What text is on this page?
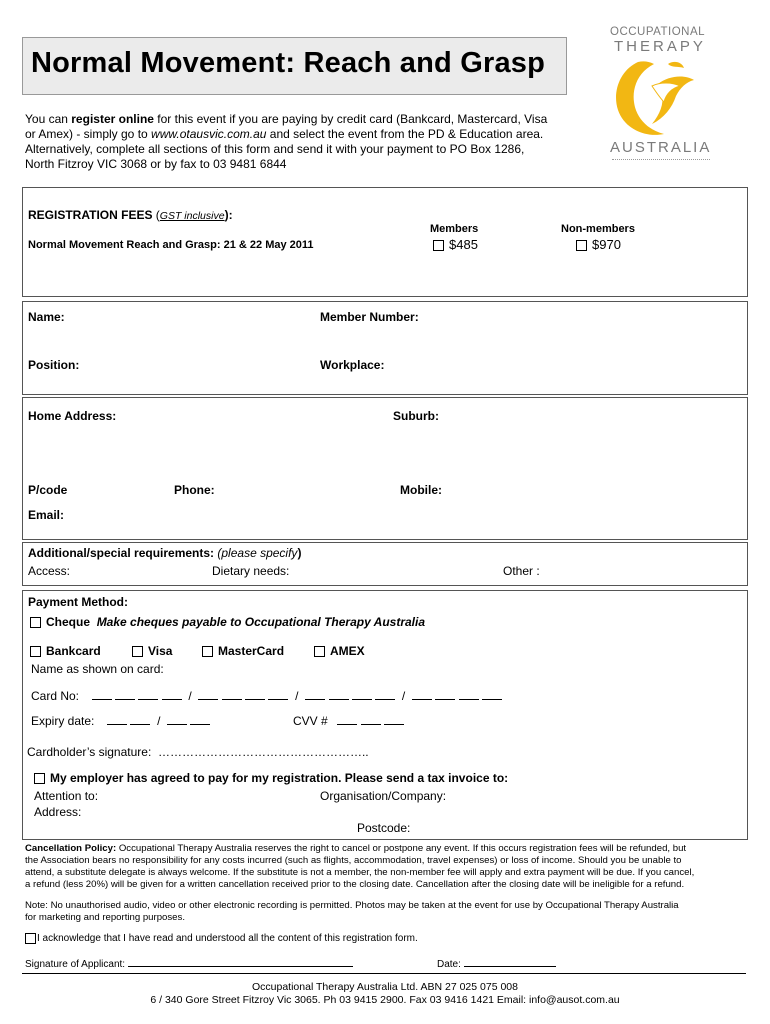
Normal Movement: Reach and Grasp
You can register online for this event if you are paying by credit card (Bankcard, Mastercard, Visa
or Amex) - simply go to www.otausvic.com.au and select the event from the PD & Education area.
Alternatively, complete all sections of this form and send it with your payment to PO Box 1286,
North Fitzroy VIC 3068 or by fax to 03 9481 6844
OCCUPATIONAL
THERAPY
AUSTRALIA
REGISTRATION FEES (GST inclusive):
Members	Non-members
Normal Movement Reach and Grasp: 21 & 22 May 2011	$485	$970
Name:	Member Number:
Position:	Workplace:
Home Address:	Suburb:
P/code	Phone:	Mobile:
Email:
Additional/special requirements: (please specify)
Access:	Dietary needs:	Other :
Payment Method:
Cheque Make cheques payable to Occupational Therapy Australia
Bankcard	Visa	MasterCard	AMEX
Name as shown on card:
Card No:	/	/	/
Expiry date:	/	CVV #
Cardholder’s signature: ……………………………………………..
My employer has agreed to pay for my registration. Please send a tax invoice to:
Attention to:	Organisation/Company:
Address:
Postcode:
Cancellation Policy: Occupational Therapy Australia reserves the right to cancel or postpone any event. If this occurs registration fees will be refunded, but
the Association bears no responsibility for any costs incurred (such as flights, accommodation, travel expenses) or loss of income. Should you be unable to
attend, a substitute delegate is always welcome. If the substitute is not a member, the non-member fee will apply and extra payment will be due. If you cancel,
a refund (less 20%) will be given for a written cancellation received prior to the closing date. Cancellation after the closing date will be ineligible for a refund.
Note: No unauthorised audio, video or other electronic recording is permitted. Photos may be taken at the event for use by Occupational Therapy Australia
for marketing and reporting purposes.
I acknowledge that I have read and understood all the content of this registration form.
Signature of Applicant:	Date:
Occupational Therapy Australia Ltd. ABN 27 025 075 008
6 / 340 Gore Street Fitzroy Vic 3065. Ph 03 9415 2900. Fax 03 9416 1421 Email: info@ausot.com.au
